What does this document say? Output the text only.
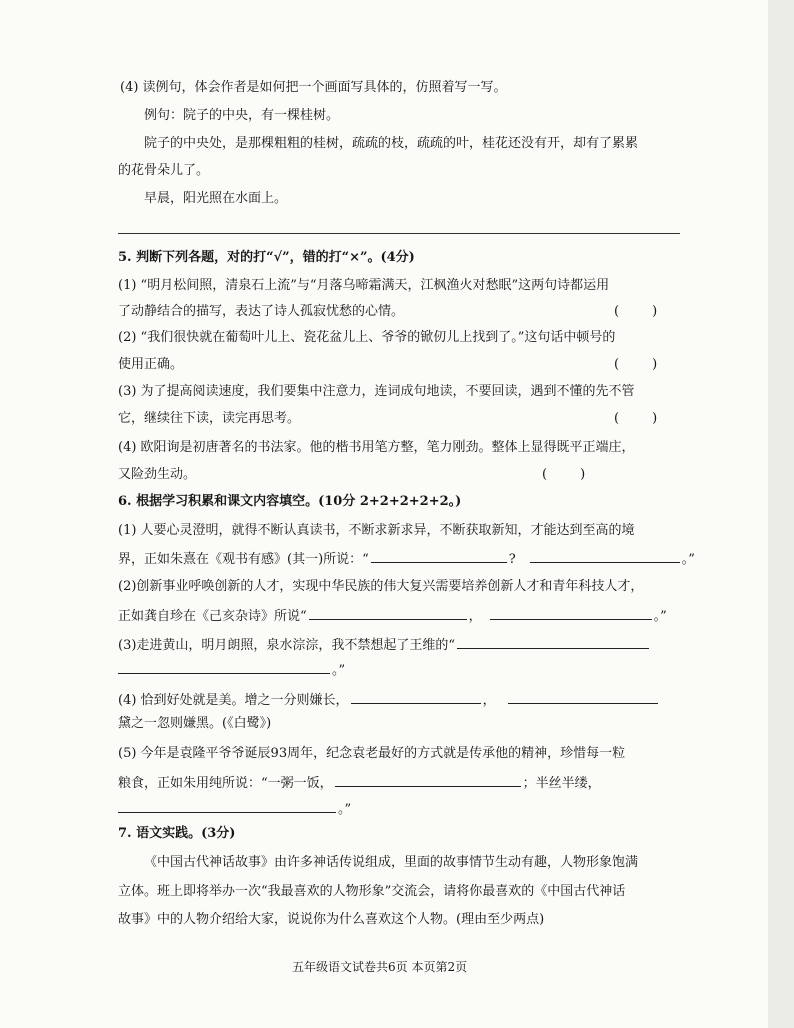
(4) 读例句，体会作者是如何把一个画面写具体的，仿照着写一写。
例句：院子的中央，有一棵桂树。
院子的中央处，是那棵粗粗的桂树，疏疏的枝，疏疏的叶，桂花还没有开，却有了累累
的花骨朵儿了。
早晨，阳光照在水面上。
5. 判断下列各题，对的打“√”，错的打“×”。(4分)
(1) “明月松间照，清泉石上流”与“月落乌啼霜满天，江枫渔火对愁眠”这两句诗都运用
了动静结合的描写，表达了诗人孤寂忧愁的心情。	(        )
(2) “我们很快就在葡萄叶儿上、瓷花盆儿上、爷爷的锨仞儿上找到了。”这句话中顿号的
使用正确。	(        )
(3) 为了提高阅读速度，我们要集中注意力，连词成句地读，不要回读，遇到不懂的先不管
它，继续往下读，读完再思考。	(        )
(4) 欧阳询是初唐著名的书法家。他的楷书用笔方整，笔力刚劲。整体上显得既平正端庄，
又险劲生动。	(        )
6. 根据学习积累和课文内容填空。(10分 2+2+2+2+2。)
(1) 人要心灵澄明，就得不断认真读书，不断求新求异，不断获取新知，才能达到至高的境
界，正如朱熹在《观书有感》(其一)所说：“	?	。”
(2)创新事业呼唤创新的人才，实现中华民族的伟大复兴需要培养创新人才和青年科技人才，
正如龚自珍在《己亥杂诗》所说“	，	。”
(3)走进黄山，明月朗照，泉水淙淙，我不禁想起了王维的“
。”
(4) 恰到好处就是美。增之一分则嫌长，	，
黛之一忽则嫌黑。(《白鹭》)
(5) 今年是袁隆平爷爷诞辰93周年，纪念袁老最好的方式就是传承他的精神，珍惜每一粒
粮食，正如朱用纯所说：“一粥一饭，	；半丝半缕，
。”
7. 语文实践。(3分)
《中国古代神话故事》由许多神话传说组成，里面的故事情节生动有趣，人物形象饱满
立体。班上即将举办一次“我最喜欢的人物形象”交流会，请将你最喜欢的《中国古代神话
故事》中的人物介绍给大家，说说你为什么喜欢这个人物。(理由至少两点)
五年级语文试卷共6页 本页第2页
